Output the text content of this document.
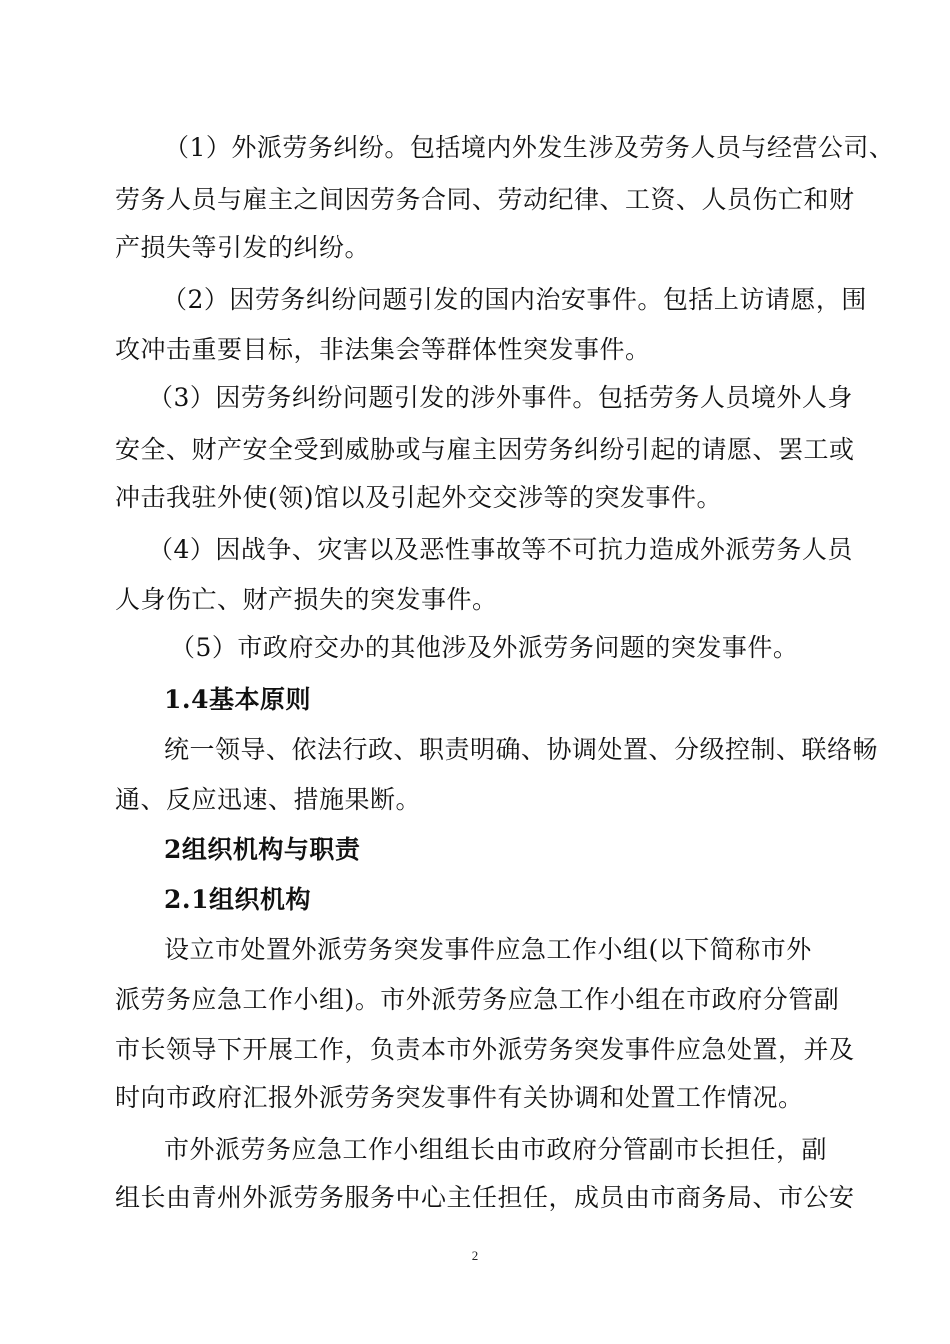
（1）外派劳务纠纷。包括境内外发生涉及劳务人员与经营公司、
劳务人员与雇主之间因劳务合同、劳动纪律、工资、人员伤亡和财
产损失等引发的纠纷。
（2）因劳务纠纷问题引发的国内治安事件。包括上访请愿，围
攻冲击重要目标，非法集会等群体性突发事件。
（3）因劳务纠纷问题引发的涉外事件。包括劳务人员境外人身
安全、财产安全受到威胁或与雇主因劳务纠纷引起的请愿、罢工或
冲击我驻外使(领)馆以及引起外交交涉等的突发事件。
（4）因战争、灾害以及恶性事故等不可抗力造成外派劳务人员
人身伤亡、财产损失的突发事件。
（5）市政府交办的其他涉及外派劳务问题的突发事件。
1.4基本原则
统一领导、依法行政、职责明确、协调处置、分级控制、联络畅
通、反应迅速、措施果断。
2组织机构与职责
2.1组织机构
设立市处置外派劳务突发事件应急工作小组(以下简称市外
派劳务应急工作小组)。市外派劳务应急工作小组在市政府分管副
市长领导下开展工作，负责本市外派劳务突发事件应急处置，并及
时向市政府汇报外派劳务突发事件有关协调和处置工作情况。
市外派劳务应急工作小组组长由市政府分管副市长担任，副
组长由青州外派劳务服务中心主任担任，成员由市商务局、市公安
2
